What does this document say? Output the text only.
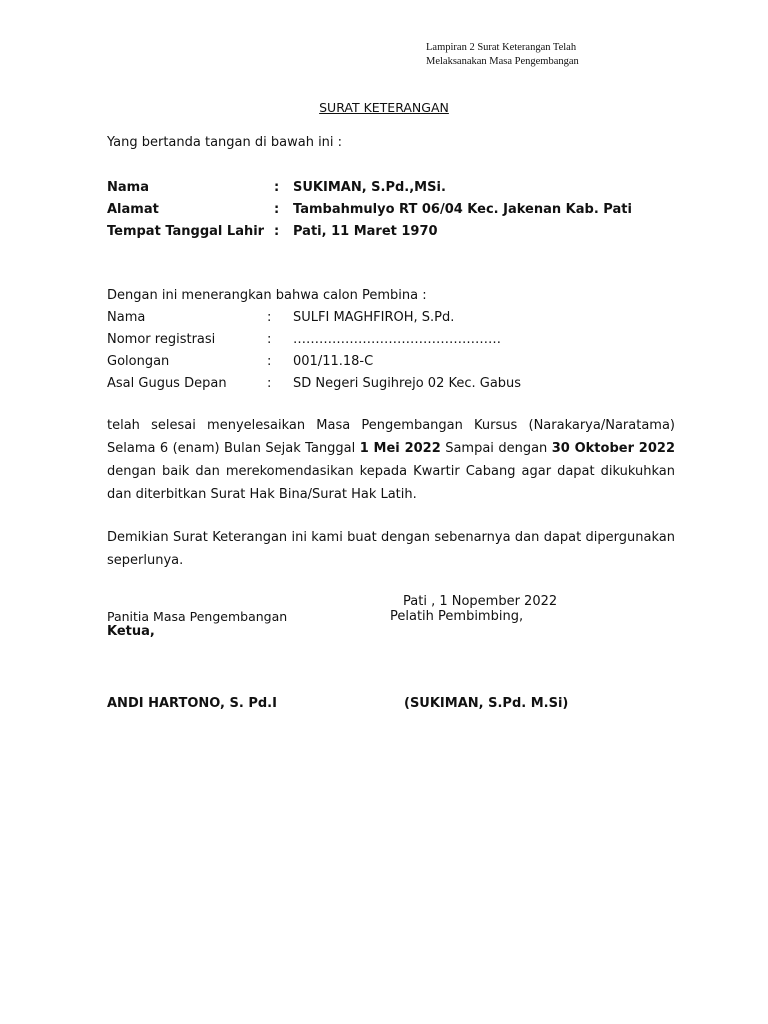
Lampiran 2 Surat Keterangan Telah
Melaksanakan Masa Pengembangan
SURAT KETERANGAN
Yang bertanda tangan di bawah ini :
Nama	: SUKIMAN, S.Pd.,MSi.
Alamat	: Tambahmulyo RT 06/04 Kec. Jakenan Kab. Pati
Tempat Tanggal Lahir : Pati, 11 Maret 1970
Dengan ini menerangkan bahwa calon Pembina :
Nama	: SULFI MAGHFIROH, S.Pd.
Nomor registrasi	: …………………………………………
Golongan	: 001/11.18-C
Asal Gugus Depan	: SD Negeri Sugihrejo 02 Kec. Gabus
telah selesai menyelesaikan Masa Pengembangan Kursus (Narakarya/Naratama) Selama 6 (enam) Bulan Sejak Tanggal 1 Mei 2022 Sampai dengan 30 Oktober 2022 dengan baik dan merekomendasikan kepada Kwartir Cabang agar dapat dikukuhkan dan diterbitkan Surat Hak Bina/Surat Hak Latih.
Demikian Surat Keterangan ini kami buat dengan sebenarnya dan dapat dipergunakan seperlunya.
Pati , 1 Nopember 2022
Panitia Masa Pengembangan	Pelatih Pembimbing,
Ketua,
ANDI HARTONO, S. Pd.I	(SUKIMAN, S.Pd. M.Si)
